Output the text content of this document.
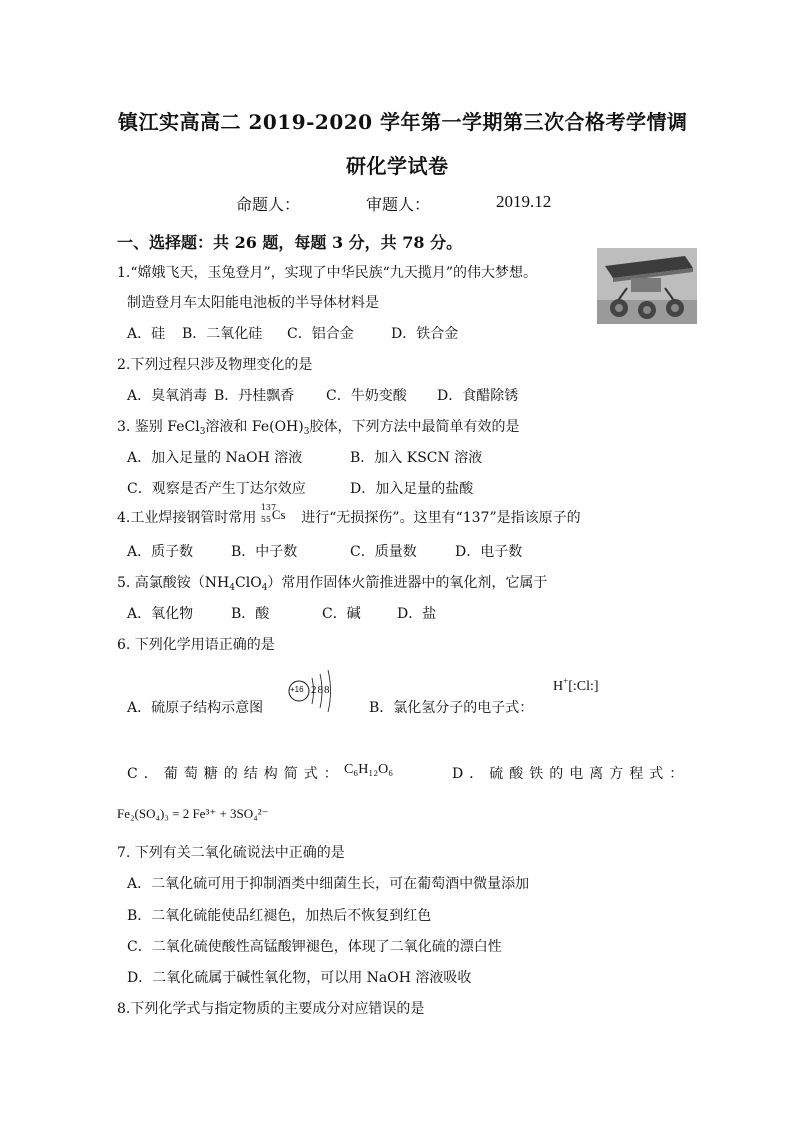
镇江实高高二 2019-2020 学年第一学期第三次合格考学情调
研化学试卷
命题人：	审题人：	2019.12
一、选择题：共 26 题，每题 3 分，共 78 分。
1.“嫦娥飞天，玉兔登月”，实现了中华民族“九天揽月”的伟大梦想。
制造登月车太阳能电池板的半导体材料是
A．硅 B．二氧化硅 C．铝合金	D．铁合金
2.下列过程只涉及物理变化的是
A．臭氧消毒 B．丹桂飘香 C．牛奶变酸 D．食醋除锈
3. 鉴别 FeCl$_3$溶液和 $Fe(OH)_3$胶体，下列方法中最简单有效的是
A．加入足量的 NaOH 溶液	B．加入 KSCN 溶液
C．观察是否产生丁达尔效应	D．加入足量的盐酸
4.工业焊接钢管时常用
137
55 Cs 进行“无损探伤”。这里有“137”是指该原子的
A．质子数	B．中子数	C．质量数	D．电子数
5. 高氯酸铵$(NH_4ClO_4)$常用作固体火箭推进器中的氧化剂，它属于
A．氧化物	B．酸	C．碱	D．盐
6. 下列化学用语正确的是
A．硫原子结构示意图
+16 288
B．氯化氢分子的电子式：
H+[:Cl:]
C．葡萄糖的结构简式： C₆H₁₂O₆	D．硫酸铁的电离方程式：
Fe₂(SO₄)₃ = 2 Fe³⁺ + 3SO₄²⁻
7. 下列有关二氧化硫说法中正确的是
A．二氧化硫可用于抑制酒类中细菌生长，可在葡萄酒中微量添加
B．二氧化硫能使品红褪色，加热后不恢复到红色
C．二氧化硫使酸性高锰酸钾褪色，体现了二氧化硫的漂白性
D．二氧化硫属于碱性氧化物，可以用 NaOH 溶液吸收
8.下列化学式与指定物质的主要成分对应错误的是
